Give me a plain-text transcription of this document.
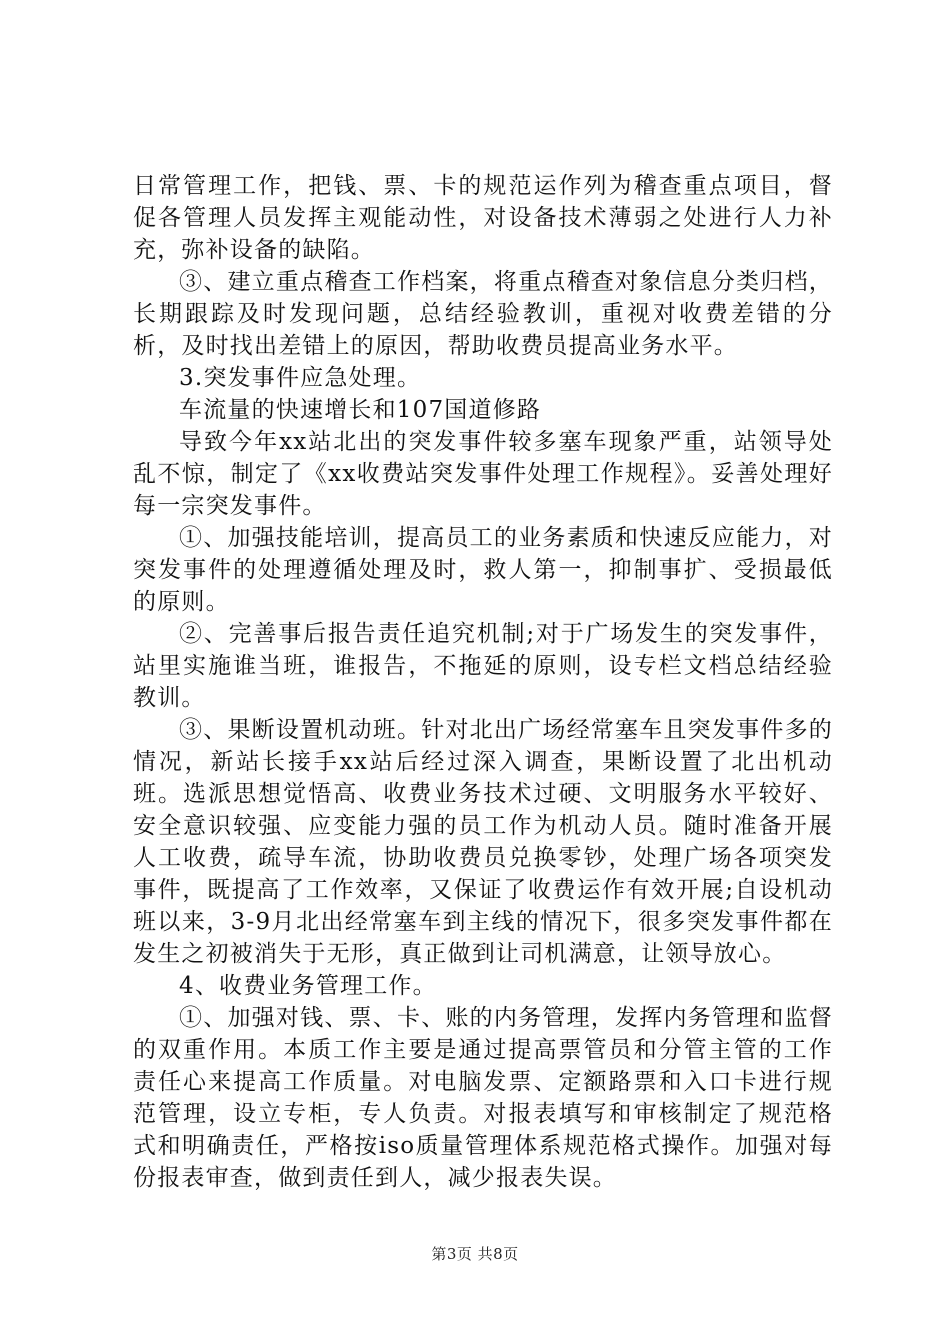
日常管理工作，把钱、票、卡的规范运作列为稽查重点项目，督促各管理人员发挥主观能动性，对设备技术薄弱之处进行人力补充，弥补设备的缺陷。

③、建立重点稽查工作档案，将重点稽查对象信息分类归档，长期跟踪及时发现问题，总结经验教训，重视对收费差错的分析，及时找出差错上的原因，帮助收费员提高业务水平。

3.突发事件应急处理。

车流量的快速增长和107国道修路

导致今年xx站北出的突发事件较多塞车现象严重，站领导处乱不惊，制定了《xx收费站突发事件处理工作规程》。妥善处理好每一宗突发事件。

①、加强技能培训，提高员工的业务素质和快速反应能力，对突发事件的处理遵循处理及时，救人第一，抑制事扩、受损最低的原则。

②、完善事后报告责任追究机制;对于广场发生的突发事件，站里实施谁当班，谁报告，不拖延的原则，设专栏文档总结经验教训。

③、果断设置机动班。针对北出广场经常塞车且突发事件多的情况，新站长接手xx站后经过深入调查，果断设置了北出机动班。选派思想觉悟高、收费业务技术过硬、文明服务水平较好、安全意识较强、应变能力强的员工作为机动人员。随时准备开展人工收费，疏导车流，协助收费员兑换零钞，处理广场各项突发事件，既提高了工作效率，又保证了收费运作有效开展;自设机动班以来，3-9月北出经常塞车到主线的情况下，很多突发事件都在发生之初被消失于无形，真正做到让司机满意，让领导放心。

4、收费业务管理工作。

①、加强对钱、票、卡、账的内务管理，发挥内务管理和监督的双重作用。本质工作主要是通过提高票管员和分管主管的工作责任心来提高工作质量。对电脑发票、定额路票和入口卡进行规范管理，设立专柜，专人负责。对报表填写和审核制定了规范格式和明确责任，严格按iso质量管理体系规范格式操作。加强对每份报表审查，做到责任到人，减少报表失误。

第3页 共8页
